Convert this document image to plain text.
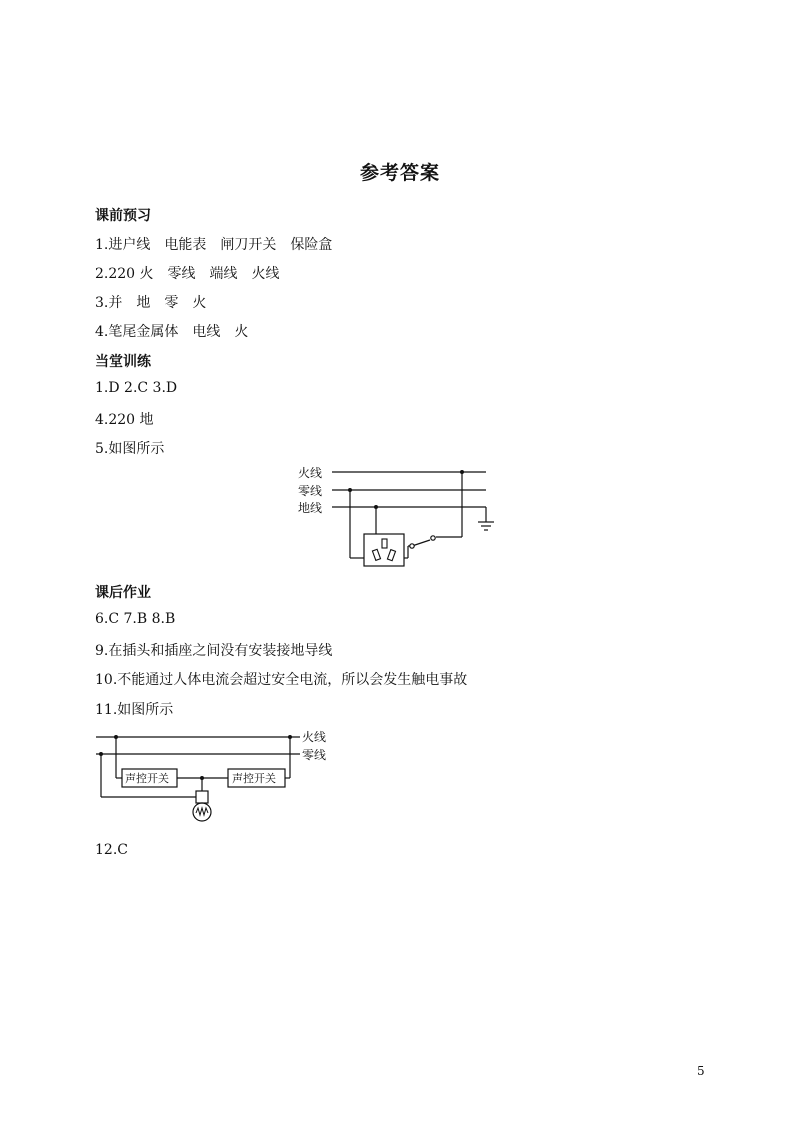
参考答案
课前预习
1.进户线　电能表　闸刀开关　保险盒
2.220 火　零线　端线　火线
3.并　地　零　火
4.笔尾金属体　电线　火
当堂训练
1.D 2.C 3.D
4.220 地
5.如图所示
火线
零线
地线
课后作业
6.C 7.B 8.B
9.在插头和插座之间没有安装接地导线
10.不能通过人体电流会超过安全电流，所以会发生触电事故
11.如图所示
火线
零线
声控开关	声控开关
12.C
5
